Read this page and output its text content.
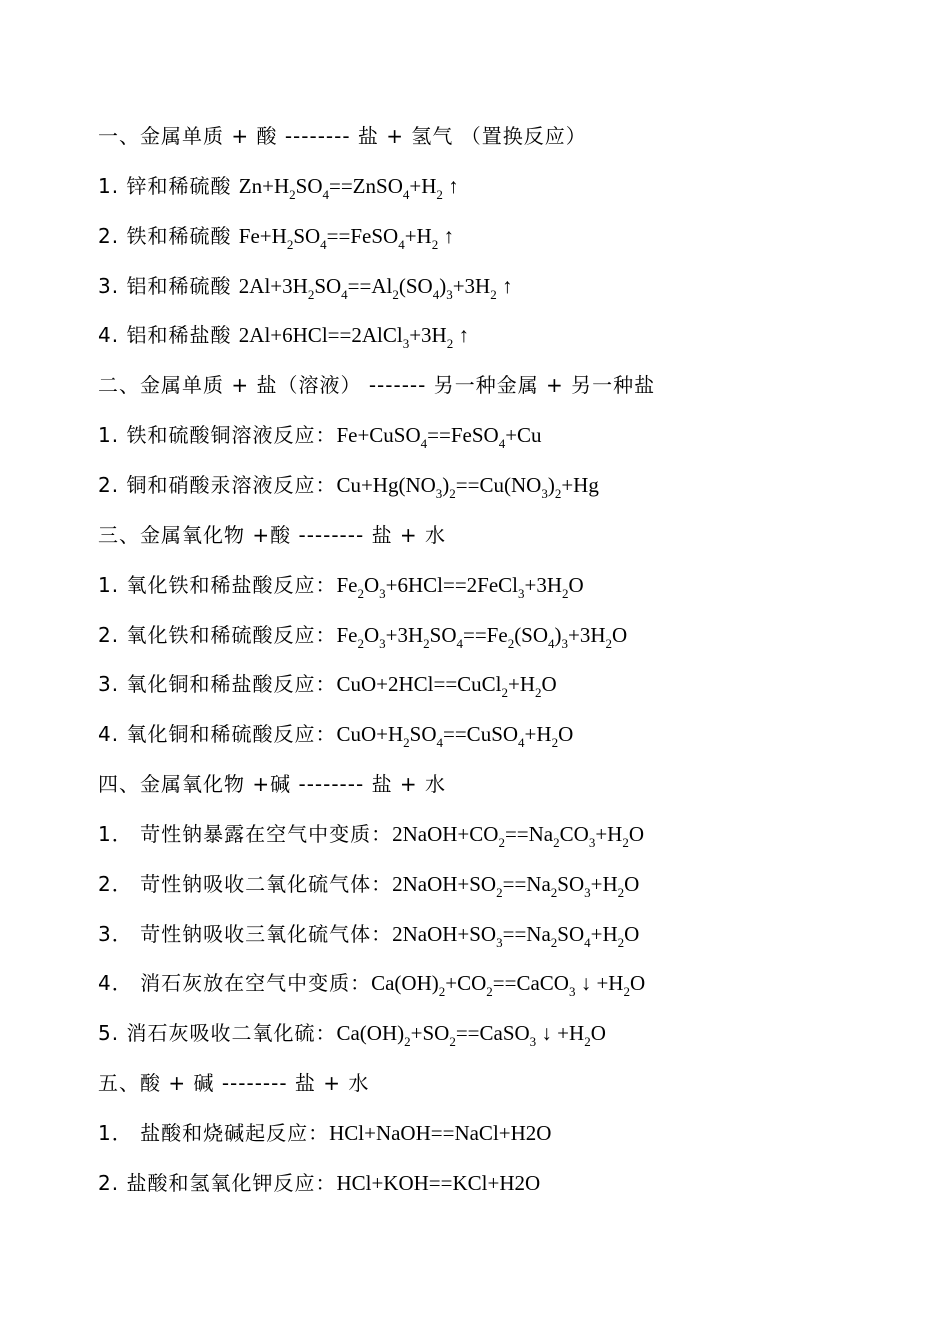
一、金属单质 + 酸 -------- 盐 + 氢气 （置换反应）
1. 锌和稀硫酸 $Zn+H_2SO_4==ZnSO_4+H_2$ ↑
2. 铁和稀硫酸 $Fe+H_2SO_4==FeSO_4+H_2$ ↑
3. 铝和稀硫酸 $2Al+3H_2SO_4==Al_2(SO_4)_3+3H_2$ ↑
4. 铝和稀盐酸 $2Al+6HCl==2AlCl_3+3H_2$ ↑
二、金属单质 + 盐（溶液） ------- 另一种金属 + 另一种盐
1. 铁和硫酸铜溶液反应：Fe+CuSO$_4$==FeSO$_4$+Cu
2. 铜和硝酸汞溶液反应：$Cu+Hg(NO_3)_2==Cu(NO_3)_2+Hg$
三、金属氧化物 +酸 -------- 盐 + 水
1. 氧化铁和稀盐酸反应：$Fe_2O_3+6HCl==2FeCl_3+3H_2O$
2. 氧化铁和稀硫酸反应：$Fe_2O_3+3H_2SO_4==Fe_2(SO_4)_3+3H_2O$
3. 氧化铜和稀盐酸反应：$CuO+2HCl==CuCl_2+H_2O$
4. 氧化铜和稀硫酸反应：$CuO+H_2SO_4==CuSO_4+H_2O$
四、金属氧化物 +碱 -------- 盐 + 水
1． 苛性钠暴露在空气中变质：$2NaOH+CO_2==Na_2CO_3+H_2O$
2． 苛性钠吸收二氧化硫气体：$2NaOH+SO_2==Na_2SO_3+H_2O$
3． 苛性钠吸收三氧化硫气体：$2NaOH+SO_3==Na_2SO_4+H_2O$
4． 消石灰放在空气中变质：$Ca(OH)_2+CO_2==CaCO_3$ ↓ $+H_2O$
5. 消石灰吸收二氧化硫：$Ca(OH)_2+SO_2==CaSO_3$ ↓ $+H_2O$
五、酸 + 碱 -------- 盐 + 水
1． 盐酸和烧碱起反应：HCl+NaOH==NaCl+H2O
2. 盐酸和氢氧化钾反应：HCl+KOH==KCl+H2O
